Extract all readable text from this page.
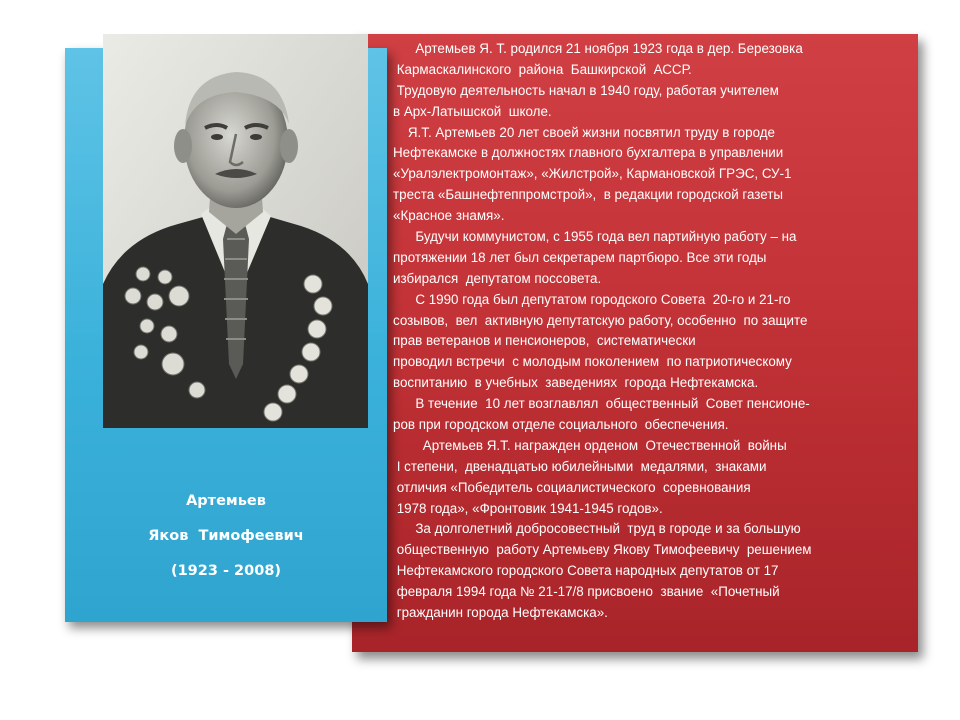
Артемьев
Яков  Тимофеевич
(1923 - 2008)
Артемьев Я. Т. родился 21 ноября 1923 года в дер. Березовка
Кармаскалинского  района  Башкирской  АССР.
Трудовую деятельность начал в 1940 году, работая учителем
в Арх-Латышской  школе.
Я.Т. Артемьев 20 лет своей жизни посвятил труду в городе
Нефтекамске в должностях главного бухгалтера в управлении
«Уралэлектромонтаж», «Жилстрой», Кармановской ГРЭС, СУ-1
треста «Башнефтеппромстрой»,  в редакции городской газеты
«Красное знамя».
Будучи коммунистом, с 1955 года вел партийную работу – на
протяжении 18 лет был секретарем партбюро. Все эти годы
избирался  депутатом поссовета.
С 1990 года был депутатом городского Совета  20-го и 21-го
созывов,  вел  активную депутатскую работу, особенно  по защите
прав ветеранов и пенсионеров,  систематически
проводил встречи  с молодым поколением  по патриотическому
воспитанию  в учебных  заведениях  города Нефтекамска.
В течение  10 лет возглавлял  общественный  Совет пенсионе-
ров при городском отделе социального  обеспечения.
Артемьев Я.Т. награжден орденом  Отечественной  войны
I степени,  двенадцатью юбилейными  медалями,  знаками
отличия «Победитель социалистического  соревнования
1978 года», «Фронтовик 1941-1945 годов».
За долголетний добросовестный  труд в городе и за большую
общественную  работу Артемьеву Якову Тимофеевичу  решением
Нефтекамского городского Совета народных депутатов от 17
февраля 1994 года № 21-17/8 присвоено  звание  «Почетный
гражданин города Нефтекамска».
